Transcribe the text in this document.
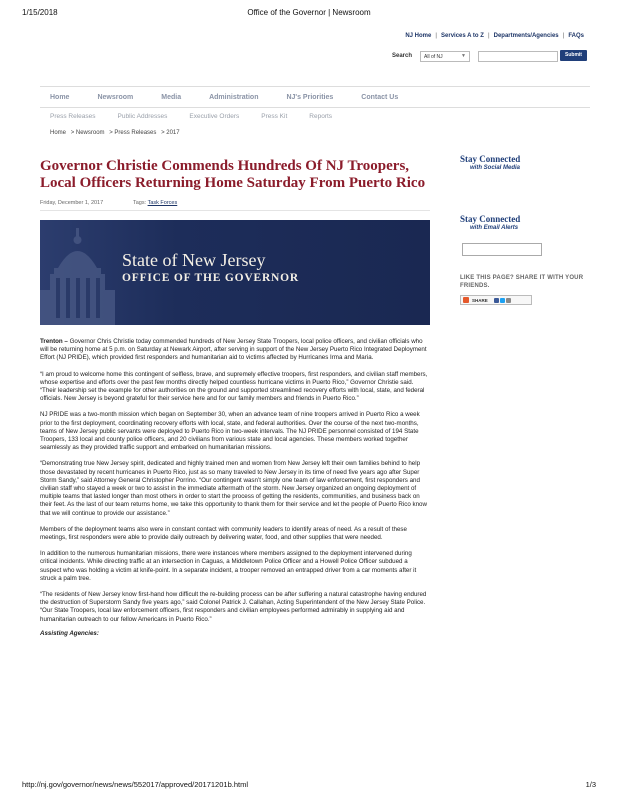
1/15/2018	Office of the Governor | Newsroom
NJ Home | Services A to Z | Departments/Agencies | FAQs
Search	All of NJ	▼	Submit
Home	Newsroom	Media	Administration	NJ's Priorities	Contact Us
Press Releases	Public Addresses	Executive Orders	Press Kit	Reports
Home > Newsroom > Press Releases > 2017
Governor Christie Commends Hundreds Of NJ Troopers, Local Officers Returning Home Saturday From Puerto Rico
Friday, December 1, 2017	Tags: Task Forces
State of New Jersey
OFFICE OF THE GOVERNOR

Trenton – Governor Chris Christie today commended hundreds of New Jersey State Troopers, local police officers, and civilian officials who will be returning home at 5 p.m. on Saturday at Newark Airport, after serving in support of the New Jersey Puerto Rico Integrated Deployment Effort (NJ PRIDE), which provided first responders and humanitarian aid to victims affected by Hurricanes Irma and Maria.

“I am proud to welcome home this contingent of selfless, brave, and supremely effective troopers, first responders, and civilian staff members, whose expertise and efforts over the past few months directly helped countless hurricane victims in Puerto Rico,” Governor Christie said. “Their leadership set the example for other authorities on the ground and supported streamlined recovery efforts with local, state, and federal officials. New Jersey is beyond grateful for their service here and for our family members and friends in Puerto Rico.”

NJ PRIDE was a two-month mission which began on September 30, when an advance team of nine troopers arrived in Puerto Rico a week prior to the first deployment, coordinating recovery efforts with local, state, and federal authorities. Over the course of the next two-months, teams of New Jersey public servants were deployed to Puerto Rico in two-week intervals. The NJ PRIDE personnel consisted of 194 State Troopers, 133 local and county police officers, and 20 civilians from various state and local agencies. These members worked together seamlessly as they provided traffic support and embarked on humanitarian missions.

“Demonstrating true New Jersey spirit, dedicated and highly trained men and women from New Jersey left their own families behind to help those devastated by recent hurricanes in Puerto Rico, just as so many traveled to New Jersey in its time of need five years ago after Super Storm Sandy,” said Attorney General Christopher Porrino. “Our contingent wasn’t simply one team of law enforcement, first responders and civilian staff who stayed a week or two to assist in the immediate aftermath of the storm. New Jersey organized an ongoing deployment of multiple teams that lasted longer than most others in order to start the process of getting the residents, communities, and business back on their feet. As the last of our team returns home, we take this opportunity to thank them for their service and let the people of Puerto Rico know that we will continue to provide our assistance.”

Members of the deployment teams also were in constant contact with community leaders to identify areas of need. As a result of these meetings, first responders were able to provide daily outreach by delivering water, food, and other supplies that were needed.

In addition to the numerous humanitarian missions, there were instances where members assigned to the deployment intervened during critical incidents. While directing traffic at an intersection in Caguas, a Middletown Police Officer and a Howell Police Officer subdued a suspect who was holding a victim at knife-point. In a separate incident, a trooper removed an entrapped driver from a car moments after it struck a palm tree.

“The residents of New Jersey know first-hand how difficult the re-building process can be after suffering a natural catastrophe having endured the destruction of Superstorm Sandy five years ago,” said Colonel Patrick J. Callahan, Acting Superintendent of the New Jersey State Police. “Our State Troopers, local law enforcement officers, first responders and civilian employees performed admirably in supplying aid and humanitarian outreach to our fellow Americans in Puerto Rico.”

Assisting Agencies:

Stay Connected
with Social Media
Stay Connected
with Email Alerts
LIKE THIS PAGE? SHARE IT WITH YOUR FRIENDS.
SHARE
http://nj.gov/governor/news/news/552017/approved/20171201b.html	1/3
